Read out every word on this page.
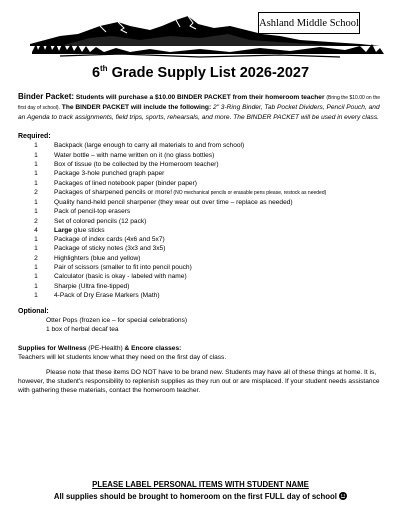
Ashland Middle School
6th Grade Supply List 2026-2027

Binder Packet: Students will purchase a $10.00 BINDER PACKET from their homeroom teacher (Bring the $10.00 on the first day of school). The BINDER PACKET will include the following: 2" 3-Ring Binder, Tab Pocket Dividers, Pencil Pouch, and an Agenda to track assignments, field trips, sports, rehearsals, and more. The BINDER PACKET will be used in every class.

Required:
1	Backpack (large enough to carry all materials to and from school)
1	Water bottle – with name written on it (no glass bottles)
1	Box of tissue (to be collected by the Homeroom teacher)
1	Package 3-hole punched graph paper
1	Packages of lined notebook paper (binder paper)
2	Packages of sharpened pencils or more! (NO mechanical pencils or erasable pens please, restock as needed)
1	Quality hand-held pencil sharpener (they wear out over time – replace as needed)
1	Pack of pencil-top erasers
2	Set of colored pencils (12 pack)
4	Large glue sticks
1	Package of index cards (4x6 and 5x7)
1	Package of sticky notes (3x3 and 3x5)
2	Highlighters (blue and yellow)
1	Pair of scissors (smaller to fit into pencil pouch)
1	Calculator (basic is okay - labeled with name)
1	Sharpie (Ultra fine-tipped)
1	4-Pack of Dry Erase Markers (Math)
Optional:
Otter Pops (frozen ice – for special celebrations)
1 box of herbal decaf tea
Supplies for Wellness (PE-Health) & Encore classes:
Teachers will let students know what they need on the first day of class.

Please note that these items DO NOT have to be brand new. Students may have all of these things at home. It is, however, the student's responsibility to replenish supplies as they run out or are misplaced. If your student needs assistance with gathering these materials, contact the homeroom teacher.

PLEASE LABEL PERSONAL ITEMS WITH STUDENT NAME
All supplies should be brought to homeroom on the first FULL day of school
